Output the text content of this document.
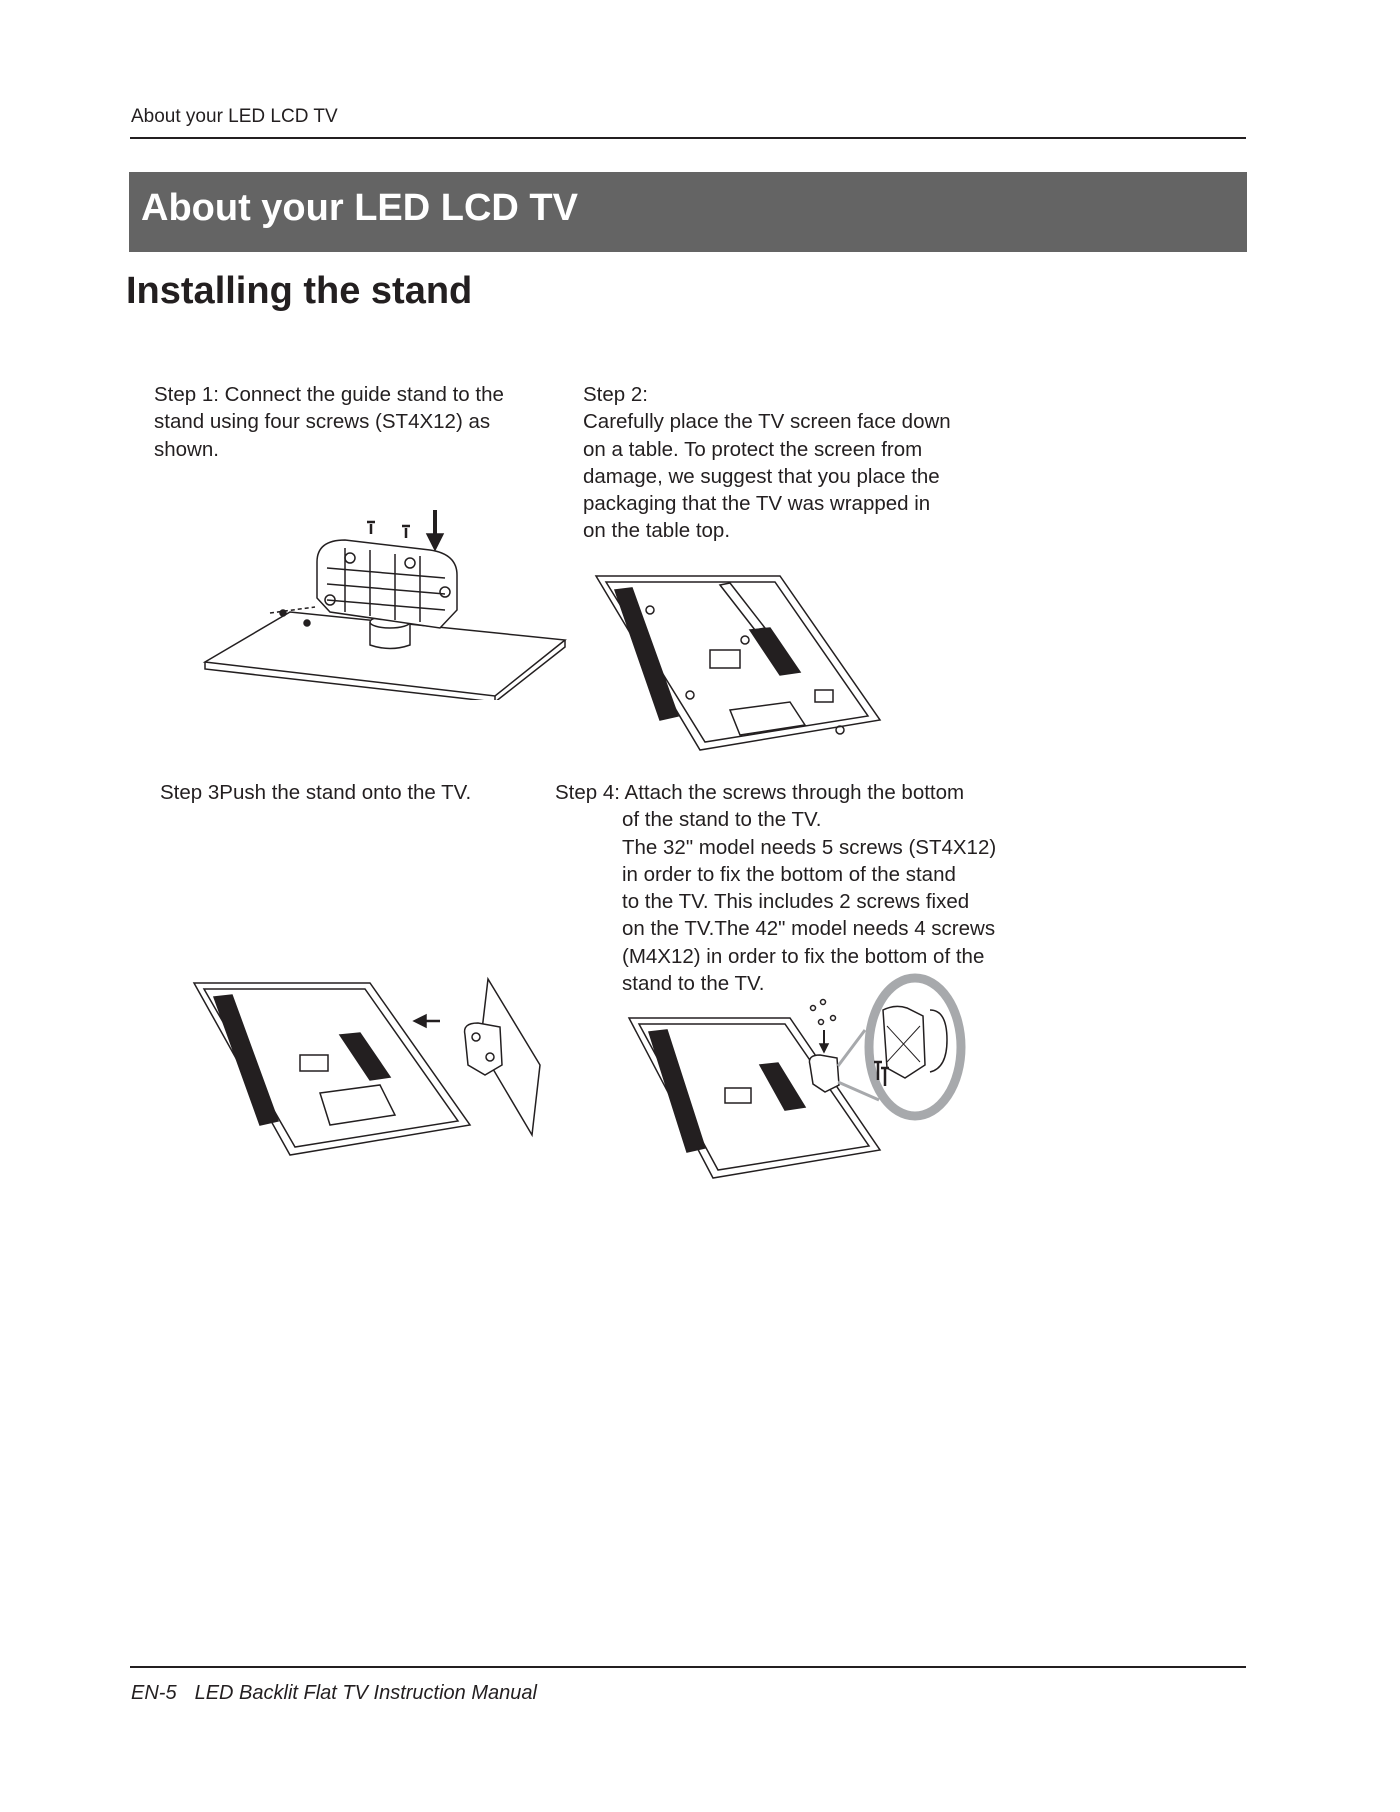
About your LED LCD TV
About your LED LCD TV
Installing the stand

Step 1: Connect the guide stand to the

stand using four screws (ST4X12) as

shown.

Step 2:

Carefully place the TV screen face down

on a table. To protect the screen from

damage, we suggest that you place the

packaging that the TV was wrapped in

on the table top.

Step 3Push the stand onto the TV.	Step 4: Attach the screws through the bottom

of the stand to the TV.

The 32" model needs 5 screws (ST4X12)

in order to fix the bottom of the stand

to the TV. This includes 2 screws fixed

on the TV.The 42" model needs 4 screws

(M4X12) in order to fix the bottom of the

stand to the TV.

EN-5 LED Backlit Flat TV Instruction Manual
